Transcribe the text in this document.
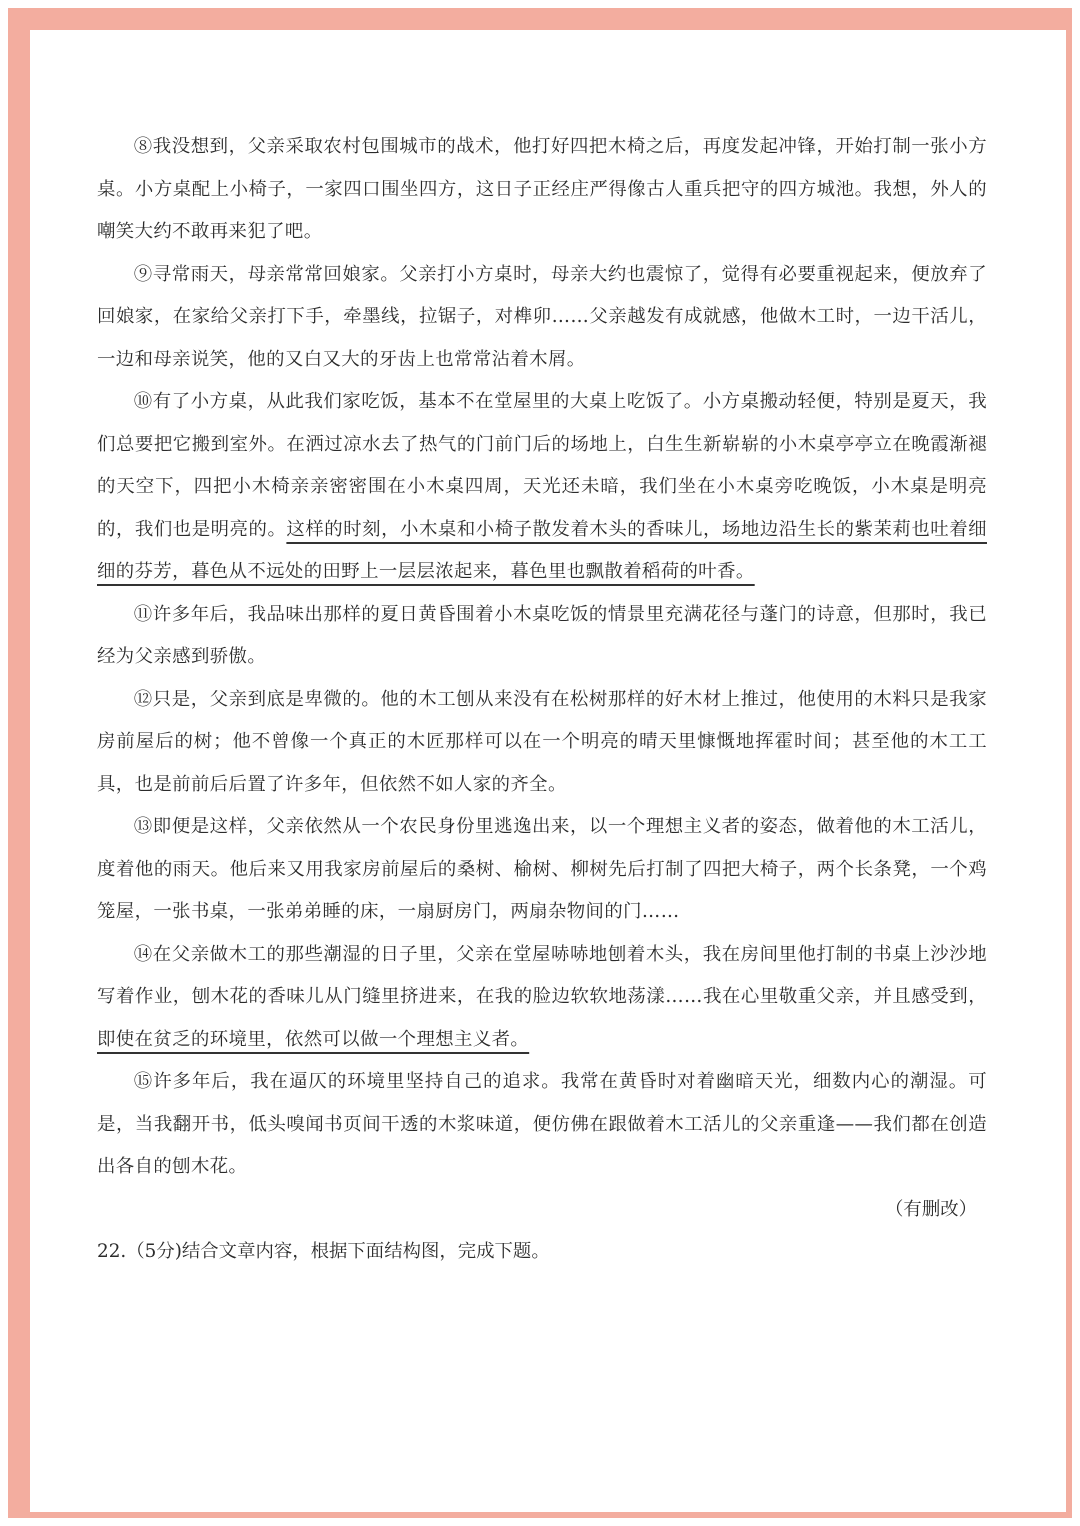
⑧我没想到，父亲采取农村包围城市的战术，他打好四把木椅之后，再度发起冲锋，开始打制一张小方桌。小方桌配上小椅子，一家四口围坐四方，这日子正经庄严得像古人重兵把守的四方城池。我想，外人的嘲笑大约不敢再来犯了吧。

⑨寻常雨天，母亲常常回娘家。父亲打小方桌时，母亲大约也震惊了，觉得有必要重视起来，便放弃了回娘家，在家给父亲打下手，牵墨线，拉锯子，对榫卯……父亲越发有成就感，他做木工时，一边干活儿，一边和母亲说笑，他的又白又大的牙齿上也常常沾着木屑。

⑩有了小方桌，从此我们家吃饭，基本不在堂屋里的大桌上吃饭了。小方桌搬动轻便，特别是夏天，我们总要把它搬到室外。在洒过凉水去了热气的门前门后的场地上，白生生新崭崭的小木桌亭亭立在晚霞渐褪的天空下，四把小木椅亲亲密密围在小木桌四周，天光还未暗，我们坐在小木桌旁吃晚饭，小木桌是明亮的，我们也是明亮的。这样的时刻，小木桌和小椅子散发着木头的香味儿，场地边沿生长的紫茉莉也吐着细细的芬芳，暮色从不远处的田野上一层层浓起来，暮色里也飘散着稻荷的叶香。

⑪许多年后，我品味出那样的夏日黄昏围着小木桌吃饭的情景里充满花径与蓬门的诗意，但那时，我已经为父亲感到骄傲。

⑫只是，父亲到底是卑微的。他的木工刨从来没有在松树那样的好木材上推过，他使用的木料只是我家房前屋后的树；他不曾像一个真正的木匠那样可以在一个明亮的晴天里慷慨地挥霍时间；甚至他的木工工具，也是前前后后置了许多年，但依然不如人家的齐全。

⑬即便是这样，父亲依然从一个农民身份里逃逸出来，以一个理想主义者的姿态，做着他的木工活儿，度着他的雨天。他后来又用我家房前屋后的桑树、榆树、柳树先后打制了四把大椅子，两个长条凳，一个鸡笼屋，一张书桌，一张弟弟睡的床，一扇厨房门，两扇杂物间的门……

⑭在父亲做木工的那些潮湿的日子里，父亲在堂屋哧哧地刨着木头，我在房间里他打制的书桌上沙沙地写着作业，刨木花的香味儿从门缝里挤进来，在我的脸边软软地荡漾……我在心里敬重父亲，并且感受到，即使在贫乏的环境里，依然可以做一个理想主义者。

⑮许多年后，我在逼仄的环境里坚持自己的追求。我常在黄昏时对着幽暗天光，细数内心的潮湿。可是，当我翻开书，低头嗅闻书页间干透的木浆味道，便仿佛在跟做着木工活儿的父亲重逢——我们都在创造出各自的刨木花。

（有删改）

22.（5分)结合文章内容，根据下面结构图，完成下题。
